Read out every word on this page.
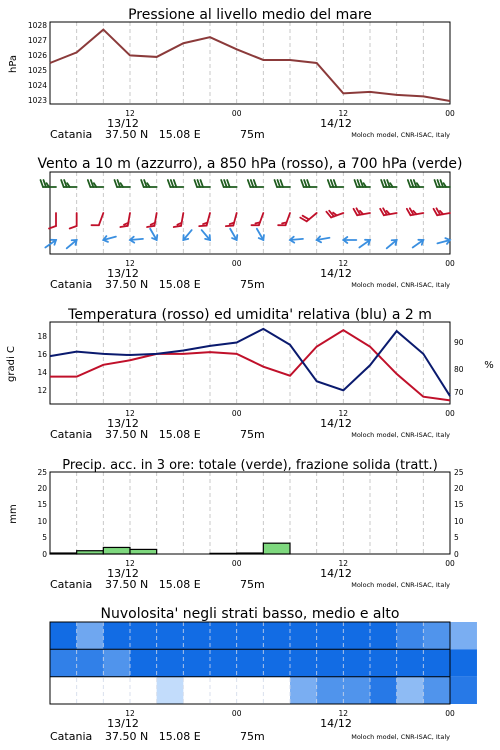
Pressione al livello medio del mare
hPa
1023
1024
1025
1026
1027
1028
12	00	12	00
13/12	14/12
Catania 37.50 N   15.08 E	75m	Moloch model, CNR-ISAC, Italy
Vento a 10 m (azzurro), a 850 hPa (rosso), a 700 hPa (verde)
12	00	12	00
13/12	14/12
Catania 37.50 N   15.08 E	75m	Moloch model, CNR-ISAC, Italy
Temperatura (rosso) ed umidita' relativa (blu) a 2 m
gradi C	%
12
14
16
18
70
80
90
12	00	12	00
13/12	14/12
Catania 37.50 N   15.08 E	75m	Moloch model, CNR-ISAC, Italy
Precip. acc. in 3 ore: totale (verde), frazione solida (tratt.)
mm
0
5
10
15
20
25
0
5
10
15
20
25
12	00	12	00
13/12	14/12
Catania 37.50 N   15.08 E	75m	Moloch model, CNR-ISAC, Italy
Nuvolosita' negli strati basso, medio e alto
12	00	12	00
13/12	14/12
Catania 37.50 N   15.08 E	75m	Moloch model, CNR-ISAC, Italy
